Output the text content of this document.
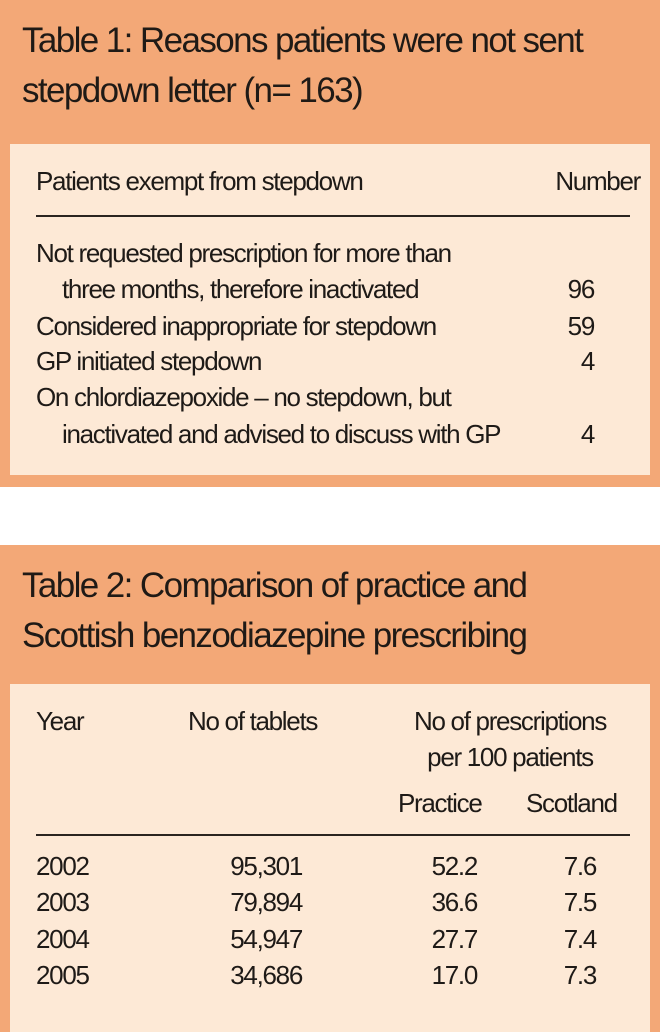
Table 1: Reasons patients were not sent
stepdown letter (n= 163)
Patients exempt from stepdown	Number
Not requested prescription for more than
three months, therefore inactivated	96
Considered inappropriate for stepdown	59
GP initiated stepdown	4
On chlordiazepoxide – no stepdown, but
inactivated and advised to discuss with GP	4
Table 2: Comparison of practice and
Scottish benzodiazepine prescribing
Year	No of tablets	No of prescriptions
per 100 patients
Practice Scotland
2002	95,301	52.2	7.6
2003	79,894	36.6	7.5
2004	54,947	27.7	7.4
2005	34,686	17.0	7.3
